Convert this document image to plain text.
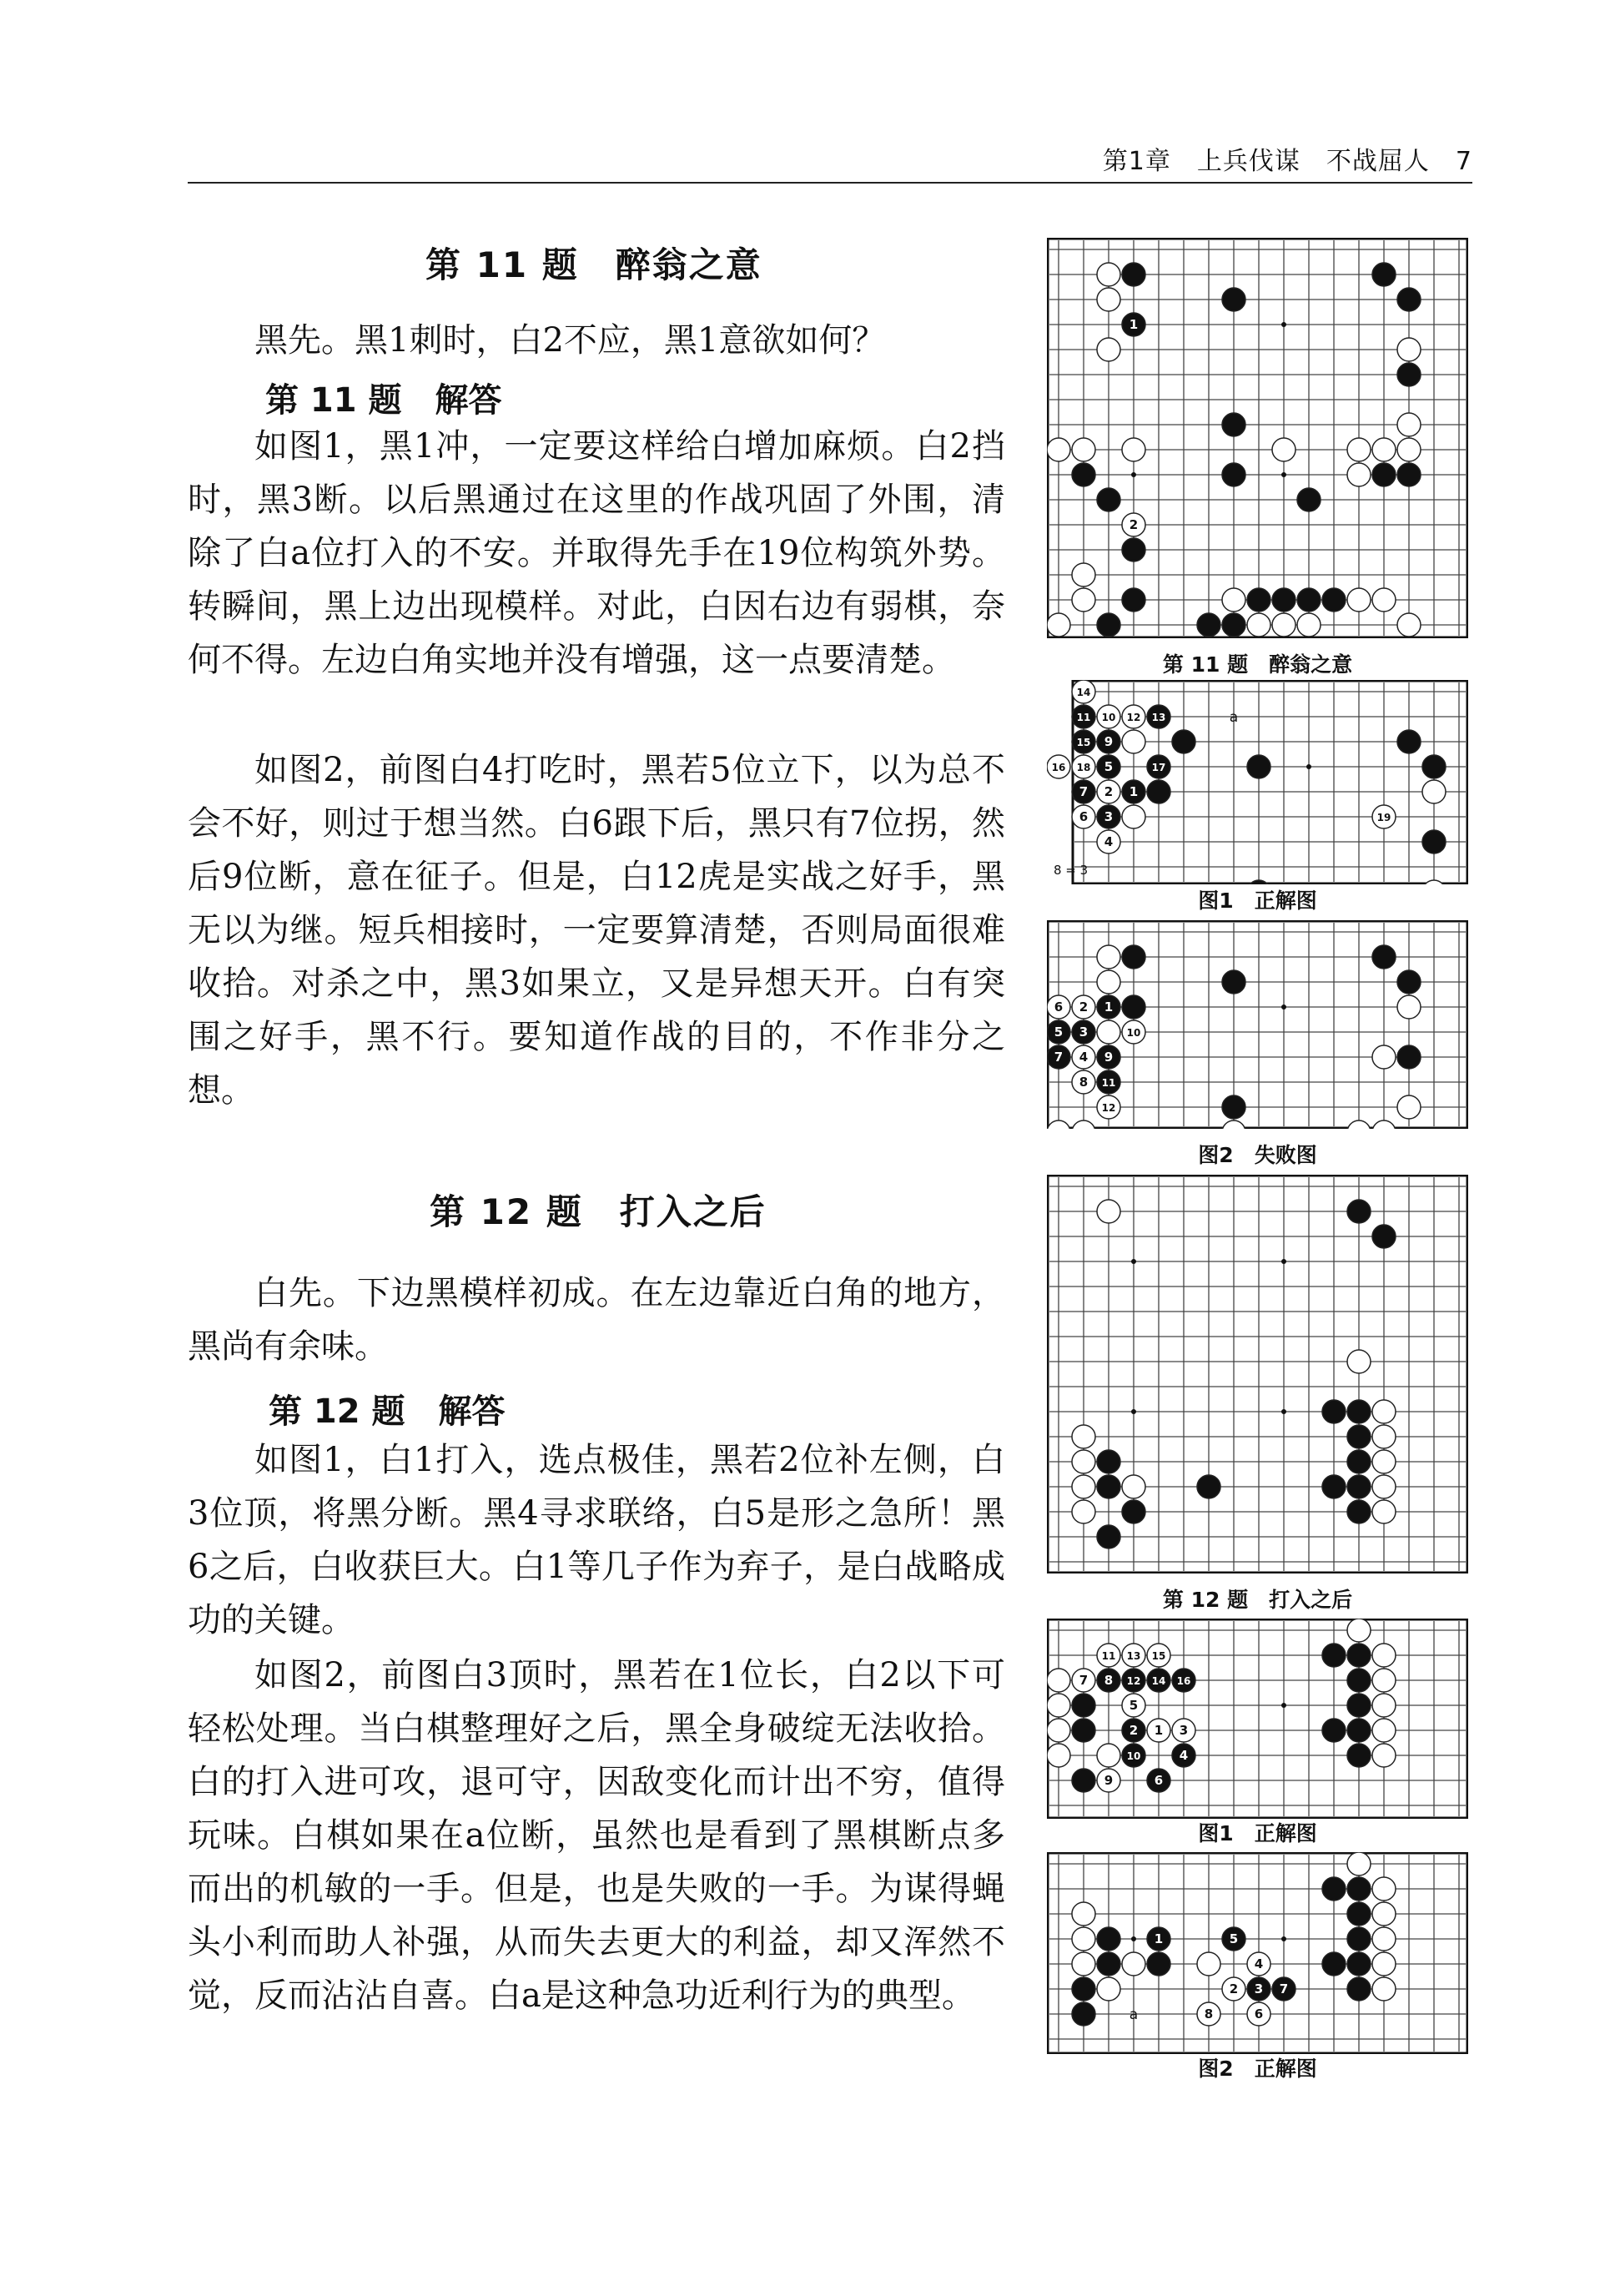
第1章　上兵伐谋　不战屈人　7
第 11 题　醉翁之意

黑先。黑1刺时，白2不应，黑1意欲如何？

第 11 题　解答

如图1，黑1冲，一定要这样给白增加麻烦。白2挡时，黑3断。以后黑通过在这里的作战巩固了外围，清除了白a位打入的不安。并取得先手在19位构筑外势。转瞬间，黑上边出现模样。对此，白因右边有弱棋，奈何不得。左边白角实地并没有增强，这一点要清楚。

如图2，前图白4打吃时，黑若5位立下，以为总不会不好，则过于想当然。白6跟下后，黑只有7位拐，然后9位断，意在征子。但是，白12虎是实战之好手，黑无以为继。短兵相接时，一定要算清楚，否则局面很难收拾。对杀之中，黑3如果立，又是异想天开。白有突围之好手，黑不行。要知道作战的目的，不作非分之想。

第 12 题　打入之后

白先。下边黑模样初成。在左边靠近白角的地方，黑尚有余味。

第 12 题　解答

如图1，白1打入，选点极佳，黑若2位补左侧，白3位顶，将黑分断。黑4寻求联络，白5是形之急所！黑6之后，白收获巨大。白1等几子作为弃子，是白战略成功的关键。

如图2，前图白3顶时，黑若在1位长，白2以下可轻松处理。当白棋整理好之后，黑全身破绽无法收拾。白的打入进可攻，退可守，因敌变化而计出不穷，值得玩味。白棋如果在a位断，虽然也是看到了黑棋断点多而出的机敏的一手。但是，也是失败的一手。为谋得蝇头小利而助人补强，从而失去更大的利益，却又浑然不觉，反而沾沾自喜。白a是这种急功近利行为的典型。

1
2
第 11 题　醉翁之意
a
14
11 10 12 13
15 9
16 18 5	17
7 2 1
6 3
4
19
8 = 3
图1　正解图
6 2 1
5 3	10
7 4 9
8 11
12
图2　失败图
第 12 题　打入之后
11 13 15
7 8 12 14 16
5
2 1 3
10	4
9	6
图1　正解图
a
1	5
4
2 3 7
8	6
图2　正解图
